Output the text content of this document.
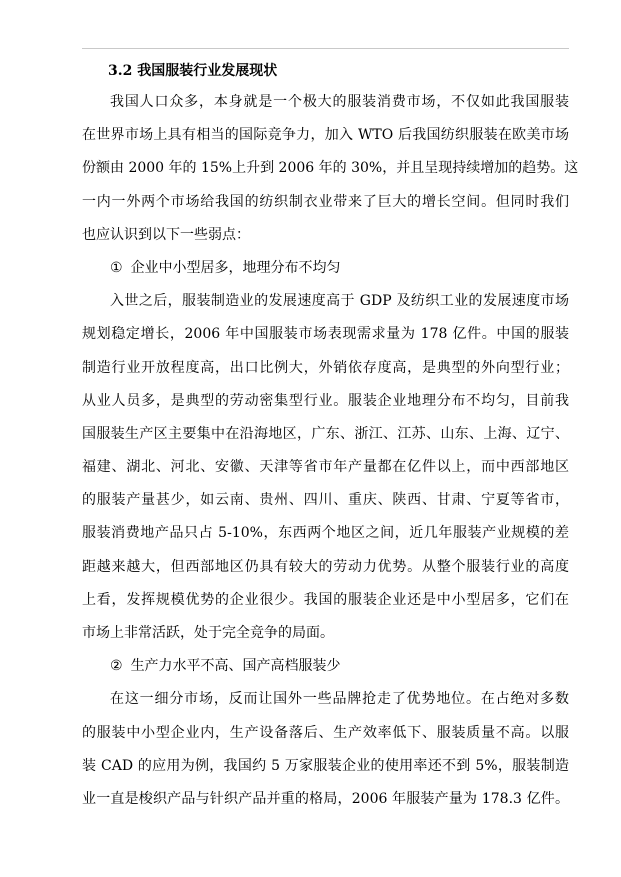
3.2 我国服装行业发展现状
我国人口众多，本身就是一个极大的服装消费市场，不仅如此我国服装
在世界市场上具有相当的国际竞争力，加入 WTO 后我国纺织服装在欧美市场
份额由 2000 年的 15%上升到 2006 年的 30%，并且呈现持续增加的趋势。这
一内一外两个市场给我国的纺织制衣业带来了巨大的增长空间。但同时我们
也应认识到以下一些弱点：
① 企业中小型居多，地理分布不均匀
入世之后，服装制造业的发展速度高于 GDP 及纺织工业的发展速度市场
规划稳定增长，2006 年中国服装市场表现需求量为 178 亿件。中国的服装
制造行业开放程度高，出口比例大，外销依存度高，是典型的外向型行业；
从业人员多，是典型的劳动密集型行业。服装企业地理分布不均匀，目前我
国服装生产区主要集中在沿海地区，广东、浙江、江苏、山东、上海、辽宁、
福建、湖北、河北、安徽、天津等省市年产量都在亿件以上，而中西部地区
的服装产量甚少，如云南、贵州、四川、重庆、陕西、甘肃、宁夏等省市，
服装消费地产品只占 5-10%，东西两个地区之间，近几年服装产业规模的差
距越来越大，但西部地区仍具有较大的劳动力优势。从整个服装行业的高度
上看，发挥规模优势的企业很少。我国的服装企业还是中小型居多，它们在
市场上非常活跃，处于完全竞争的局面。
② 生产力水平不高、国产高档服装少
在这一细分市场，反而让国外一些品牌抢走了优势地位。在占绝对多数
的服装中小型企业内，生产设备落后、生产效率低下、服装质量不高。以服
装 CAD 的应用为例，我国约 5 万家服装企业的使用率还不到 5%，服装制造
业一直是梭织产品与针织产品并重的格局，2006 年服装产量为 178.3 亿件。
